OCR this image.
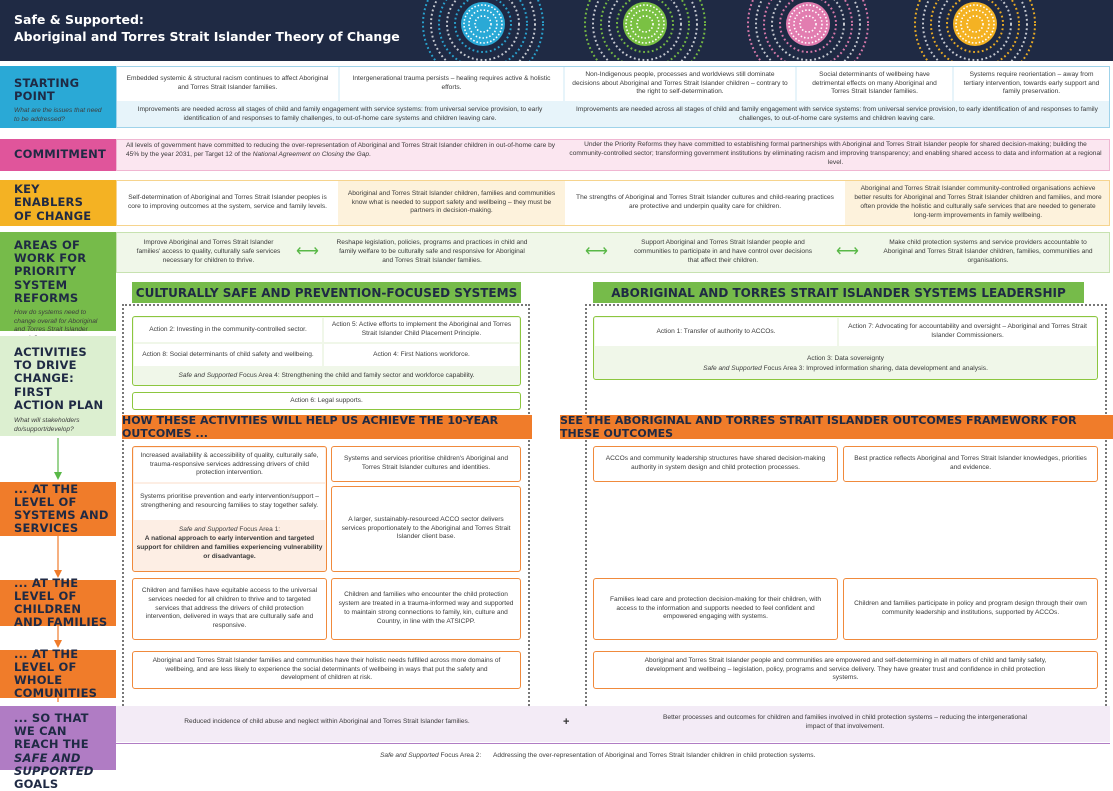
Safe & Supported:
Aboriginal and Torres Strait Islander Theory of Change
STARTING POINT
What are the issues that need to be addressed?
Embedded systemic & structural racism continues to affect Aboriginal and Torres Strait Islander families.
Intergenerational trauma persists – healing requires active & holistic efforts.
Non-Indigenous people, processes and worldviews still dominate decisions about Aboriginal and Torres Strait Islander children – contrary to the right to self-determination.
Social determinants of wellbeing have detrimental effects on many Aboriginal and Torres Strait Islander families.
Systems require reorientation – away from tertiary intervention, towards early support and family preservation.
Improvements are needed across all stages of child and family engagement with service systems: from universal service provision, to early identification of and responses to family challenges, to out-of-home care systems and children leaving care.
Improvements are needed across all stages of child and family engagement with service systems: from universal service provision, to early identification of and responses to family challenges, to out-of-home care systems and children leaving care.
COMMITMENT
All levels of government have committed to reducing the over-representation of Aboriginal and Torres Strait Islander children in out-of-home care by 45% by the year 2031, per Target 12 of the National Agreement on Closing the Gap.
Under the Priority Reforms they have committed to establishing formal partnerships with Aboriginal and Torres Strait Islander people for shared decision-making; building the community-controlled sector; transforming government institutions by eliminating racism and improving transparency; and enabling shared access to data and information at a regional level.
KEY ENABLERS OF CHANGE
Self-determination of Aboriginal and Torres Strait Islander peoples is core to improving outcomes at the system, service and family levels.
Aboriginal and Torres Strait Islander children, families and communities know what is needed to support safety and wellbeing – they must be partners in decision-making.
The strengths of Aboriginal and Torres Strait Islander cultures and child-rearing practices are protective and underpin quality care for children.
Aboriginal and Torres Strait Islander community-controlled organisations achieve better results for Aboriginal and Torres Strait Islander children and families, and more often provide the holistic and culturally safe services that are needed to generate long-term improvements in family wellbeing.
AREAS OF WORK FOR PRIORITY SYSTEM REFORMS
How do systems need to change overall for Aboriginal and Torres Strait Islander
Improve Aboriginal and Torres Strait Islander families' access to quality, culturally safe services necessary for children to thrive.
⟷
Reshape legislation, policies, programs and practices in child and family welfare to be culturally safe and responsive for Aboriginal and Torres Strait Islander families.
⟷
Support Aboriginal and Torres Strait Islander people and communities to participate in and have control over decisions that affect their children.
⟷
Make child protection systems and service providers accountable to Aboriginal and Torres Strait Islander children, families, communities and organisations.
CULTURALLY SAFE AND PREVENTION-FOCUSED SYSTEMS	ABORIGINAL AND TORRES STRAIT ISLANDER SYSTEMS LEADERSHIP
ACTIVITIES TO DRIVE CHANGE: FIRST ACTION PLAN
What will stakeholders do/support/develop?
Action 2: Investing in the community-controlled sector.
Action 5: Active efforts to implement the Aboriginal and Torres Strait Islander Child Placement Principle.
Action 8: Social determinants of child safety and wellbeing.	Action 4: First Nations workforce.
Safe and Supported Focus Area 4: Strengthening the child and family sector and workforce capability.
Action 6: Legal supports.
Action 1: Transfer of authority to ACCOs.
Action 7: Advocating for accountability and oversight – Aboriginal and Torres Strait Islander Commissioners.
Action 3: Data sovereignty
Safe and Supported Focus Area 3: Improved information sharing, data development and analysis.
HOW THESE ACTIVITIES WILL HELP US ACHIEVE THE 10-YEAR OUTCOMES ...
SEE THE ABORIGINAL AND TORRES STRAIT ISLANDER OUTCOMES FRAMEWORK FOR THESE OUTCOMES
... AT THE LEVEL OF SYSTEMS AND SERVICES
Increased availability & accessibility of quality, culturally safe, trauma-responsive services addressing drivers of child protection intervention.
Systems prioritise prevention and early intervention/support – strengthening and resourcing families to stay together safely.
Safe and Supported Focus Area 1:
A national approach to early intervention and targeted support for children and families experiencing vulnerability or disadvantage.
Systems and services prioritise children's Aboriginal and Torres Strait Islander cultures and identities.
A larger, sustainably-resourced ACCO sector delivers services proportionately to the Aboriginal and Torres Strait Islander client base.
ACCOs and community leadership structures have shared decision-making authority in system design and child protection processes.
Best practice reflects Aboriginal and Torres Strait Islander knowledges, priorities and evidence.
... AT THE LEVEL OF CHILDREN AND FAMILIES
Children and families have equitable access to the universal services needed for all children to thrive and to targeted services that address the drivers of child protection intervention, delivered in ways that are culturally safe and responsive.
Children and families who encounter the child protection system are treated in a trauma-informed way and supported to maintain strong connections to family, kin, culture and Country, in line with the ATSICPP.
Families lead care and protection decision-making for their children, with access to the information and supports needed to feel confident and empowered engaging with systems.
Children and families participate in policy and program design through their own community leadership and institutions, supported by ACCOs.
... AT THE LEVEL OF WHOLE COMUNITIES
Aboriginal and Torres Strait Islander families and communities have their holistic needs fulfilled across more domains of wellbeing, and are less likely to experience the social determinants of wellbeing in ways that put the safety and development of children at risk.
Aboriginal and Torres Strait Islander people and communities are empowered and self-determining in all matters of child and family safety, development and wellbeing – legislation, policy, programs and service delivery. They have greater trust and confidence in child protection systems.
... SO THAT WE CAN REACH THE SAFE AND SUPPORTED GOALS
Reduced incidence of child abuse and neglect within Aboriginal and Torres Strait Islander families.	+	Better processes and outcomes for children and families involved in child protection systems – reducing the intergenerational impact of that involvement.
Safe and Supported Focus Area 2: Addressing the over-representation of Aboriginal and Torres Strait Islander children in child protection systems.
